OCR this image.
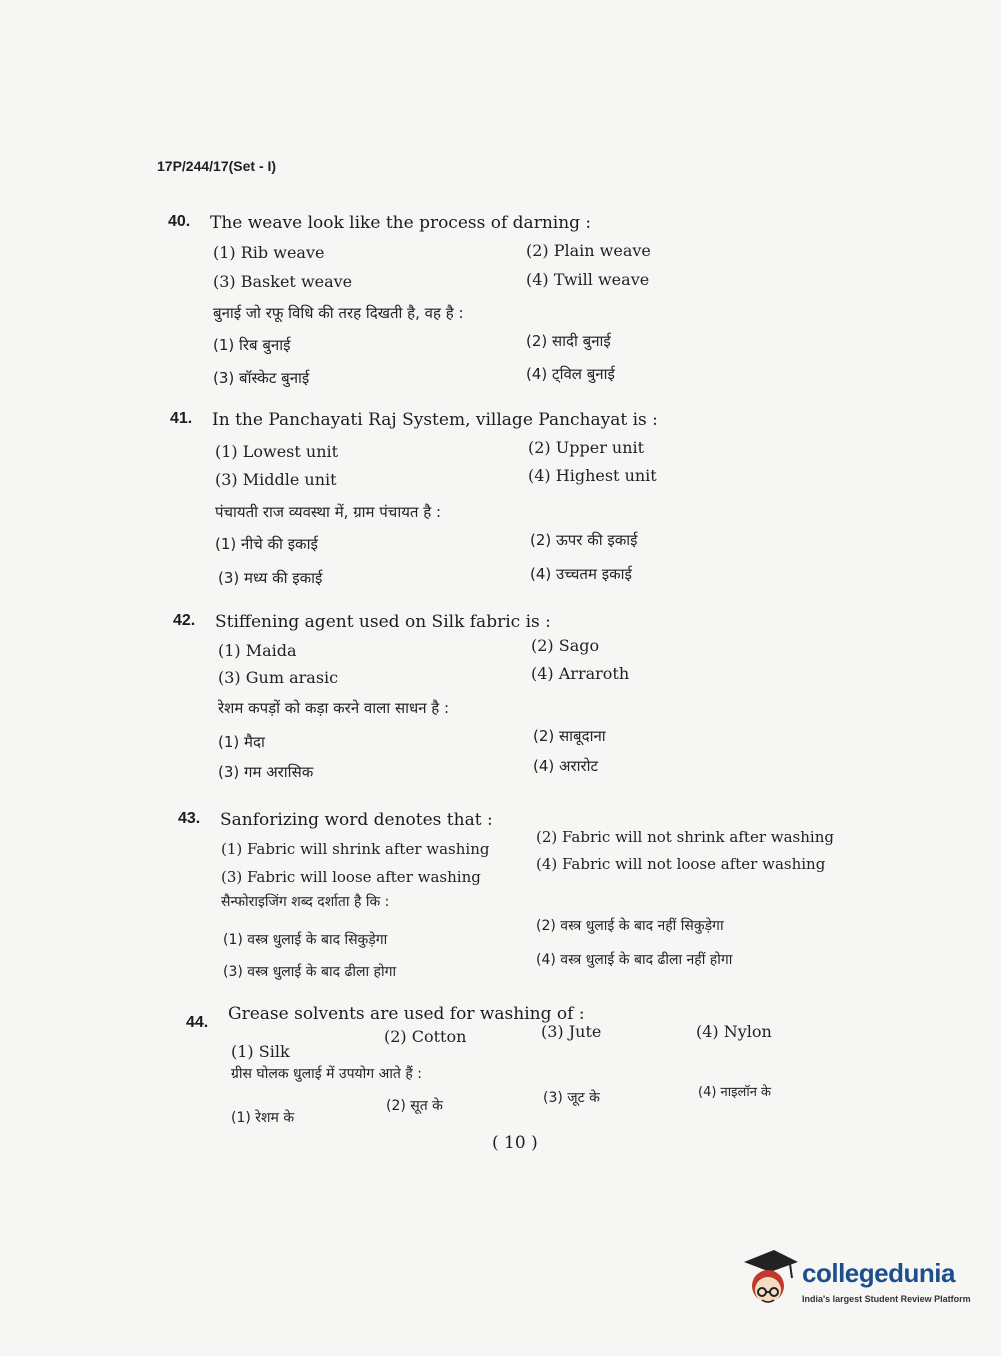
17P/244/17(Set - I)
40. The weave look like the process of darning :
(1) Rib weave	(2) Plain weave
(3) Basket weave	(4) Twill weave
बुनाई जो रफू विधि की तरह दिखती है, वह है :
(1) रिब बुनाई	(2) सादी बुनाई
(3) बॉस्केट बुनाई	(4) ट्विल बुनाई
41. In the Panchayati Raj System, village Panchayat is :
(1) Lowest unit	(2) Upper unit
(3) Middle unit	(4) Highest unit
पंचायती राज व्यवस्था में, ग्राम पंचायत है :
(1) नीचे की इकाई	(2) ऊपर की इकाई
(3) मध्य की इकाई	(4) उच्चतम इकाई
42. Stiffening agent used on Silk fabric is :
(1) Maida	(2) Sago
(3) Gum arasic	(4) Arraroth
रेशम कपड़ों को कड़ा करने वाला साधन है :
(1) मैदा	(2) साबूदाना
(3) गम अरासिक	(4) अरारोट
43. Sanforizing word denotes that :
(1) Fabric will shrink after washing
(2) Fabric will not shrink after washing
(3) Fabric will loose after washing
(4) Fabric will not loose after washing
सैन्फोराइजिंग शब्द दर्शाता है कि :
(1) वस्त्र धुलाई के बाद सिकुड़ेगा
(2) वस्त्र धुलाई के बाद नहीं सिकुड़ेगा
(3) वस्त्र धुलाई के बाद ढीला होगा
(4) वस्त्र धुलाई के बाद ढीला नहीं होगा
44. Grease solvents are used for washing of :
(1) Silk
(2) Cotton	(3) Jute	(4) Nylon
ग्रीस घोलक धुलाई में उपयोग आते हैं :
(1) रेशम के
(2) सूत के	(3) जूट के	(4) नाइलॉन के
( 10 )
collegedunia
India's largest Student Review Platform
